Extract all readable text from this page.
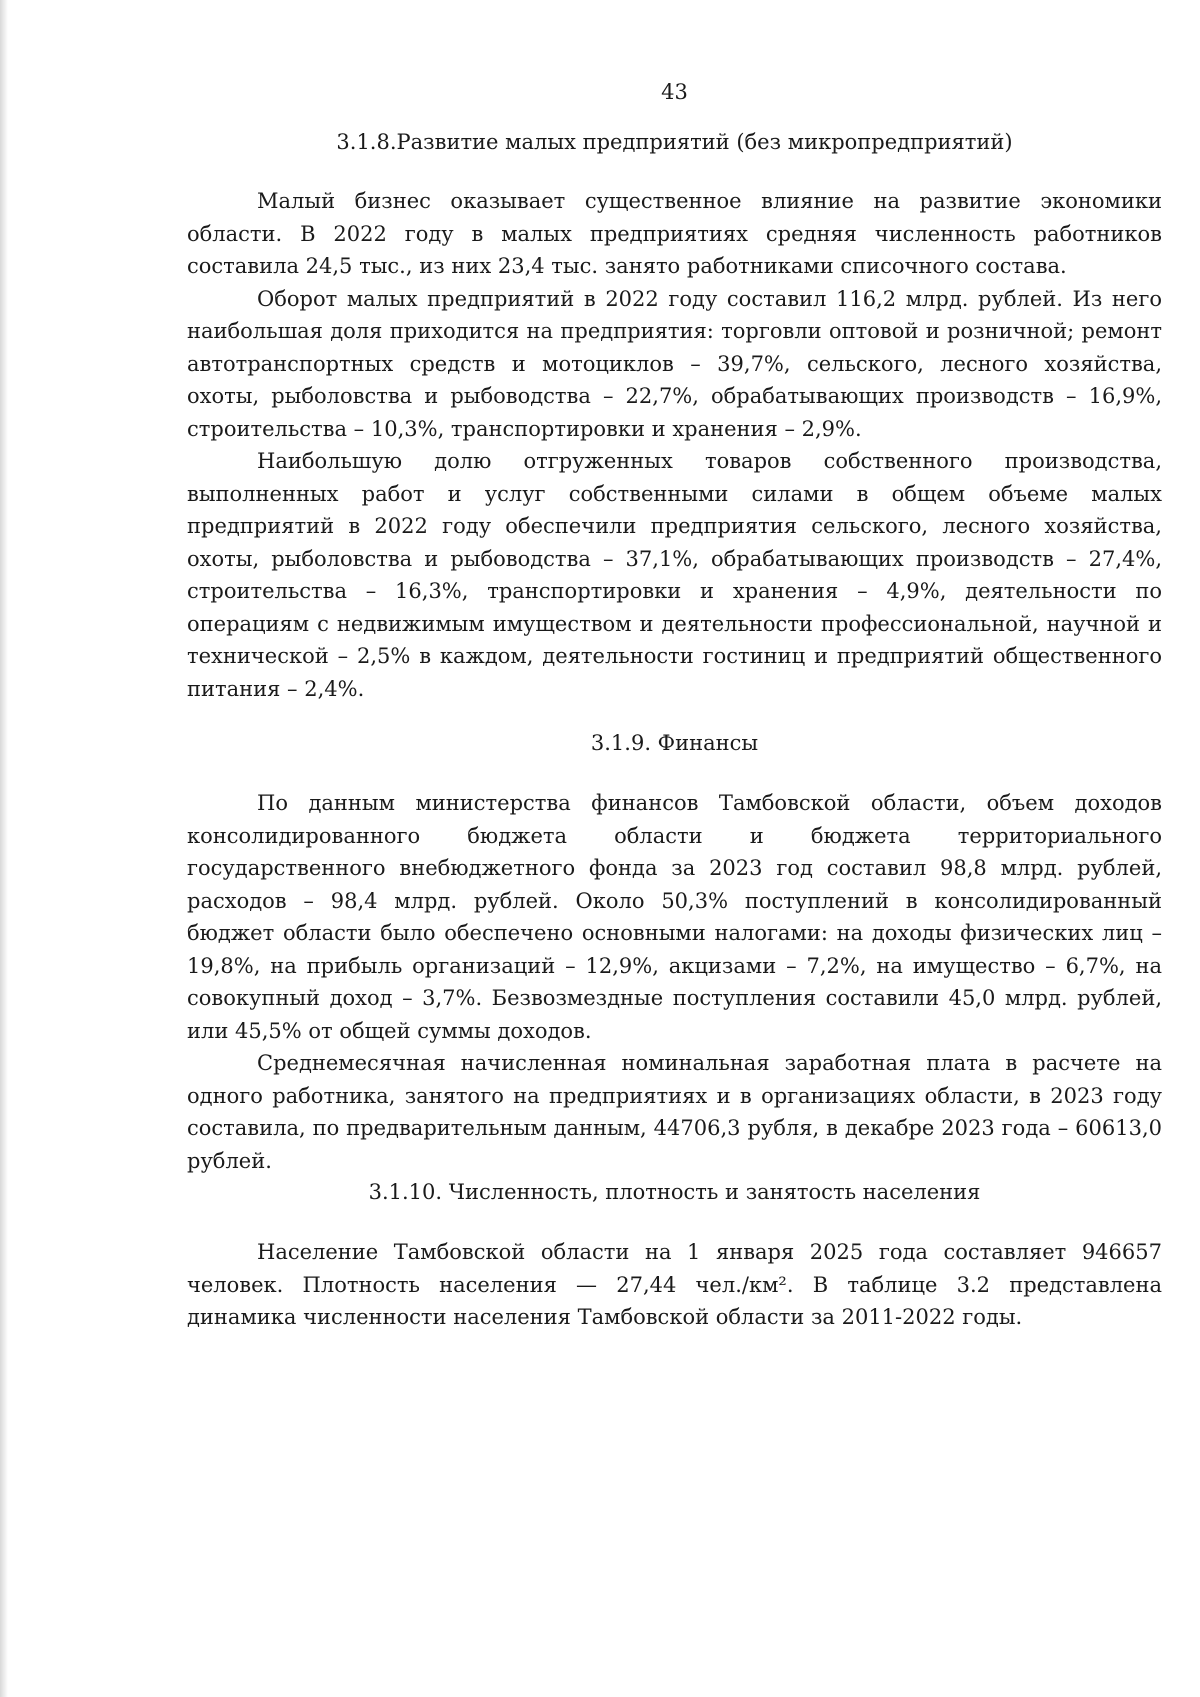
43
3.1.8.Развитие малых предприятий (без микропредприятий)

Малый бизнес оказывает существенное влияние на развитие экономики области. В 2022 году в малых предприятиях средняя численность работников составила 24,5 тыс., из них 23,4 тыс. занято работниками списочного состава.

Оборот малых предприятий в 2022 году составил 116,2 млрд. рублей. Из него наибольшая доля приходится на предприятия: торговли оптовой и розничной; ремонт автотранспортных средств и мотоциклов – 39,7%, сельского, лесного хозяйства, охоты, рыболовства и рыбоводства – 22,7%, обрабатывающих производств – 16,9%, строительства – 10,3%, транспортировки и хранения – 2,9%.

Наибольшую долю отгруженных товаров собственного производства, выполненных работ и услуг собственными силами в общем объеме малых предприятий в 2022 году обеспечили предприятия сельского, лесного хозяйства, охоты, рыболовства и рыбоводства – 37,1%, обрабатывающих производств – 27,4%, строительства – 16,3%, транспортировки и хранения – 4,9%, деятельности по операциям с недвижимым имуществом и деятельности профессиональной, научной и технической – 2,5% в каждом, деятельности гостиниц и предприятий общественного питания – 2,4%.

3.1.9. Финансы

По данным министерства финансов Тамбовской области, объем доходов консолидированного бюджета области и бюджета территориального государственного внебюджетного фонда за 2023 год составил 98,8 млрд. рублей, расходов – 98,4 млрд. рублей. Около 50,3% поступлений в консолидированный бюджет области было обеспечено основными налогами: на доходы физических лиц – 19,8%, на прибыль организаций – 12,9%, акцизами – 7,2%, на имущество – 6,7%, на совокупный доход – 3,7%. Безвозмездные поступления составили 45,0 млрд. рублей, или 45,5% от общей суммы доходов.

Среднемесячная начисленная номинальная заработная плата в расчете на одного работника, занятого на предприятиях и в организациях области, в 2023 году составила, по предварительным данным, 44706,3 рубля, в декабре 2023 года – 60613,0 рублей.

3.1.10. Численность, плотность и занятость населения

Население Тамбовской области на 1 января 2025 года составляет 946657 человек. Плотность населения — 27,44 чел./км². В таблице 3.2 представлена динамика численности населения Тамбовской области за 2011-2022 годы.
